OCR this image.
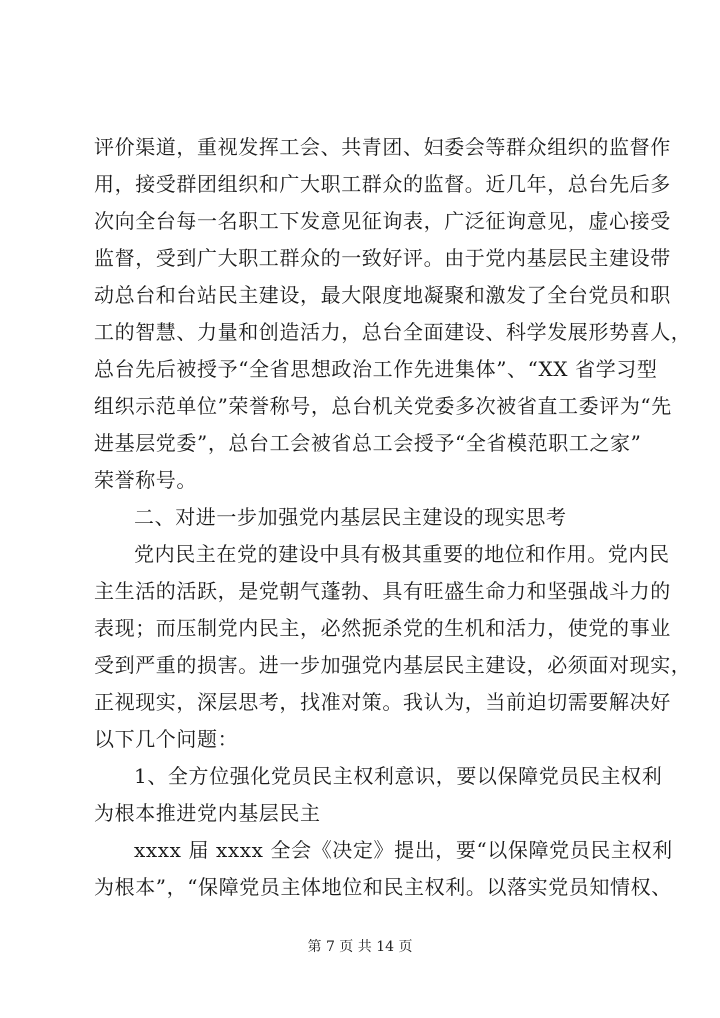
评价渠道，重视发挥工会、共青团、妇委会等群众组织的监督作
用，接受群团组织和广大职工群众的监督。近几年，总台先后多
次向全台每一名职工下发意见征询表，广泛征询意见，虚心接受
监督，受到广大职工群众的一致好评。由于党内基层民主建设带
动总台和台站民主建设，最大限度地凝聚和激发了全台党员和职
工的智慧、力量和创造活力，总台全面建设、科学发展形势喜人，
总台先后被授予“全省思想政治工作先进集体”、“XX 省学习型
组织示范单位”荣誉称号，总台机关党委多次被省直工委评为“先
进基层党委”，总台工会被省总工会授予“全省模范职工之家”
荣誉称号。
二、对进一步加强党内基层民主建设的现实思考
党内民主在党的建设中具有极其重要的地位和作用。党内民
主生活的活跃，是党朝气蓬勃、具有旺盛生命力和坚强战斗力的
表现；而压制党内民主，必然扼杀党的生机和活力，使党的事业
受到严重的损害。进一步加强党内基层民主建设，必须面对现实，
正视现实，深层思考，找准对策。我认为，当前迫切需要解决好
以下几个问题：
1、全方位强化党员民主权利意识，要以保障党员民主权利
为根本推进党内基层民主
xxxx 届 xxxx 全会《决定》提出，要“以保障党员民主权利
为根本”，“保障党员主体地位和民主权利。以落实党员知情权、
第 7 页 共 14 页
